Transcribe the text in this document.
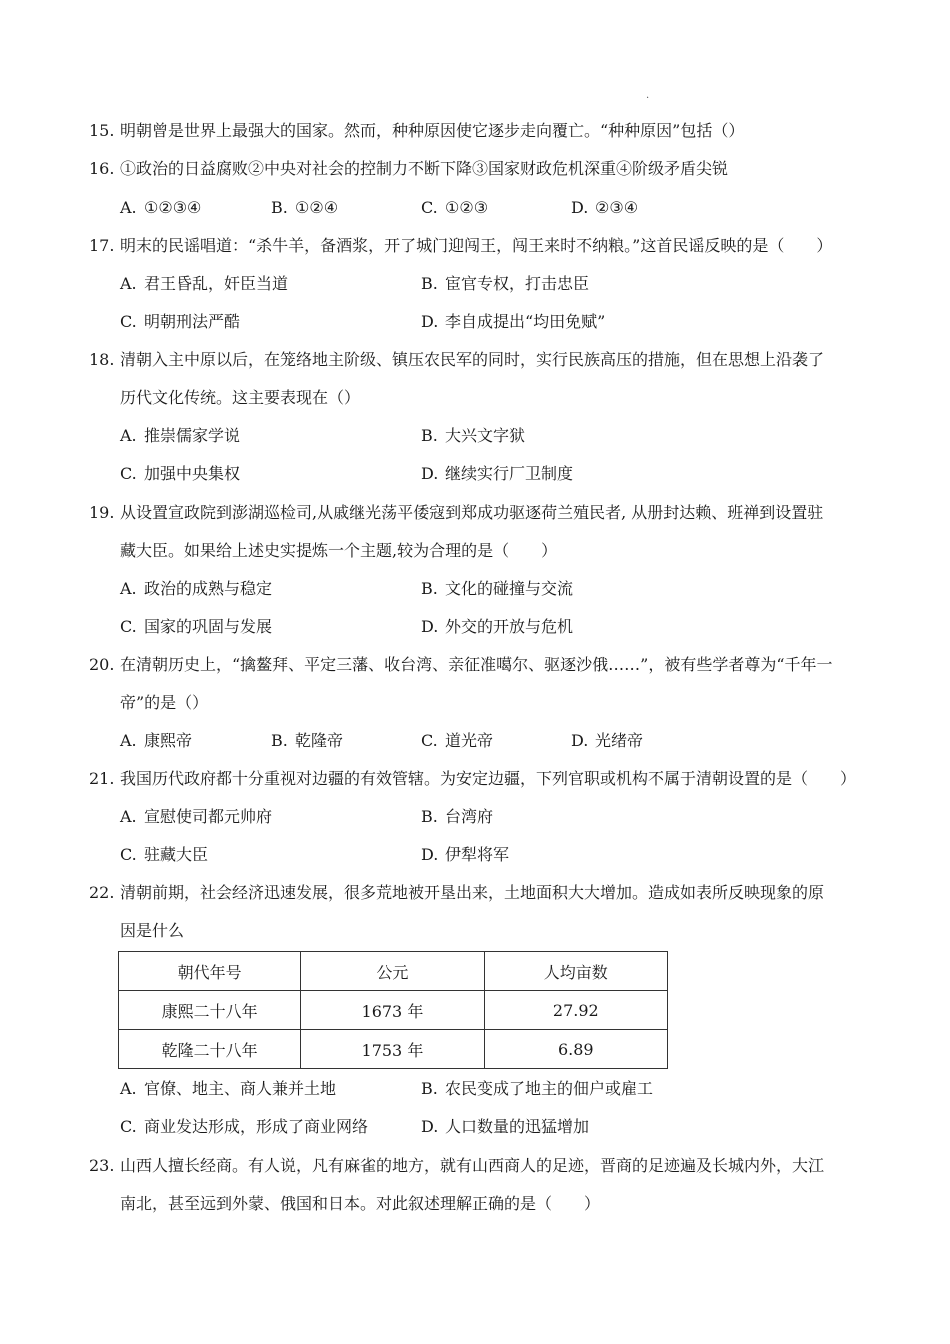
.
15. 明朝曾是世界上最强大的国家。然而，种种原因使它逐步走向覆亡。“种种原因”包括（）
16. ①政治的日益腐败②中央对社会的控制力不断下降③国家财政危机深重④阶级矛盾尖锐
A. ①②③④	B. ①②④	C. ①②③	D. ②③④
17. 明末的民谣唱道：“杀牛羊，备酒浆，开了城门迎闯王，闯王来时不纳粮。”这首民谣反映的是（　　）
A. 君王昏乱，奸臣当道	B. 宦官专权，打击忠臣
C. 明朝刑法严酷	D. 李自成提出“均田免赋”
18. 清朝入主中原以后，在笼络地主阶级、镇压农民军的同时，实行民族高压的措施，但在思想上沿袭了
历代文化传统。这主要表现在（）
A. 推崇儒家学说	B. 大兴文字狱
C. 加强中央集权	D. 继续实行厂卫制度
19. 从设置宣政院到澎湖巡检司,从戚继光荡平倭寇到郑成功驱逐荷兰殖民者, 从册封达赖、班禅到设置驻
藏大臣。如果给上述史实提炼一个主题,较为合理的是（　　）
A. 政治的成熟与稳定	B. 文化的碰撞与交流
C. 国家的巩固与发展	D. 外交的开放与危机
20. 在清朝历史上，“擒鳌拜、平定三藩、收台湾、亲征准噶尔、驱逐沙俄……”，被有些学者尊为“千年一
帝”的是（）
A. 康熙帝	B. 乾隆帝	C. 道光帝	D. 光绪帝
21. 我国历代政府都十分重视对边疆的有效管辖。为安定边疆，下列官职或机构不属于清朝设置的是（　　）
A. 宣慰使司都元帅府	B. 台湾府
C. 驻藏大臣	D. 伊犁将军
22. 清朝前期，社会经济迅速发展，很多荒地被开垦出来，土地面积大大增加。造成如表所反映现象的原
因是什么
朝代年号	公元	人均亩数
康熙二十八年	1673 年	27.92
乾隆二十八年	1753 年	6.89
A. 官僚、地主、商人兼并土地	B. 农民变成了地主的佃户或雇工
C. 商业发达形成，形成了商业网络	D. 人口数量的迅猛增加
23. 山西人擅长经商。有人说，凡有麻雀的地方，就有山西商人的足迹，晋商的足迹遍及长城内外，大江
南北，甚至远到外蒙、俄国和日本。对此叙述理解正确的是（　　）
